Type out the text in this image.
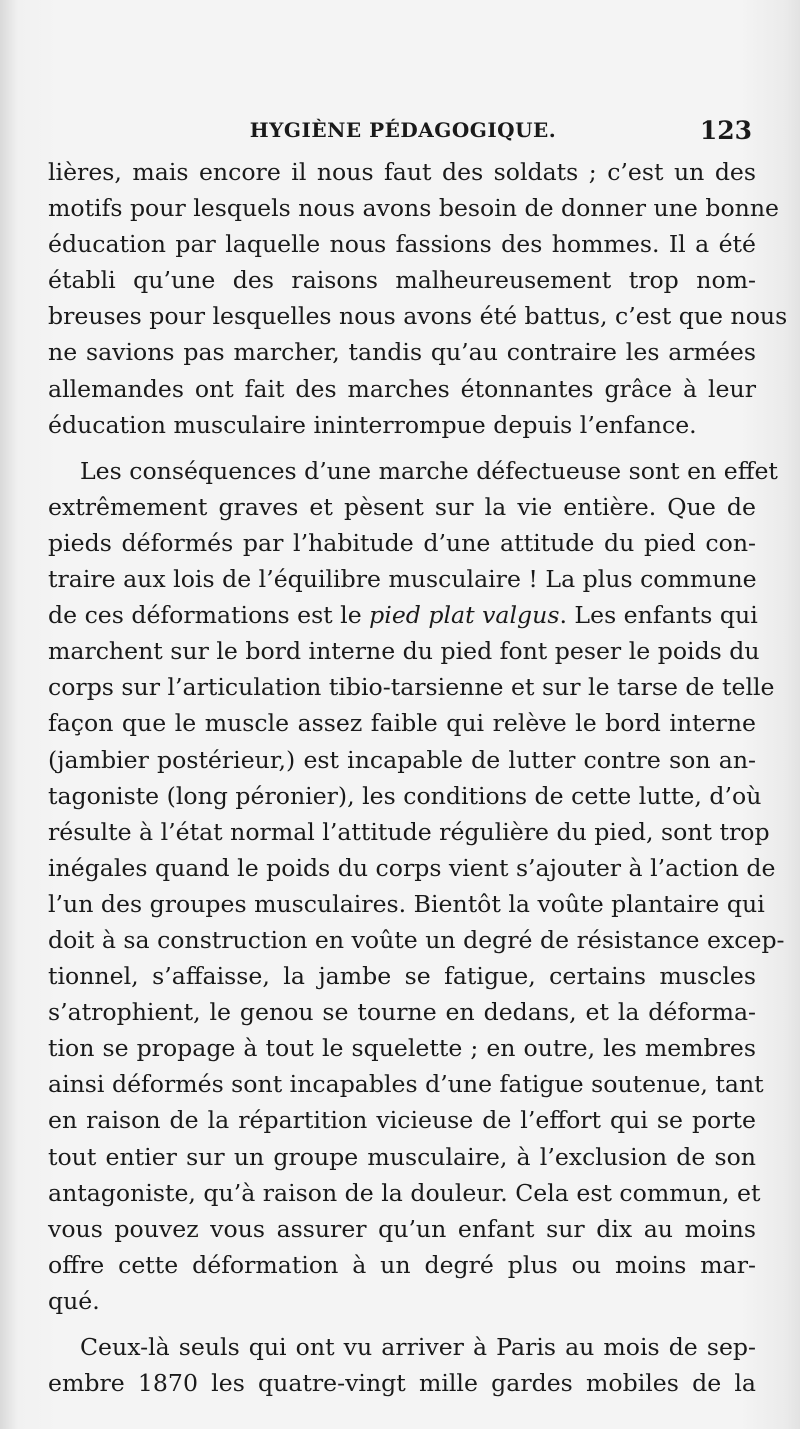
HYGIÈNE PÉDAGOGIQUE.	123
lières, mais encore il nous faut des soldats ; c’est un des
motifs pour lesquels nous avons besoin de donner une bonne
éducation par laquelle nous fassions des hommes. Il a été
établi qu’une des raisons malheureusement trop nom-
breuses pour lesquelles nous avons été battus, c’est que nous
ne savions pas marcher, tandis qu’au contraire les armées
allemandes ont fait des marches étonnantes grâce à leur
éducation musculaire ininterrompue depuis l’enfance.
Les conséquences d’une marche défectueuse sont en effet
extrêmement graves et pèsent sur la vie entière. Que de
pieds déformés par l’habitude d’une attitude du pied con-
traire aux lois de l’équilibre musculaire ! La plus commune
de ces déformations est le pied plat valgus. Les enfants qui
marchent sur le bord interne du pied font peser le poids du
corps sur l’articulation tibio-tarsienne et sur le tarse de telle
façon que le muscle assez faible qui relève le bord interne
(jambier postérieur,) est incapable de lutter contre son an-
tagoniste (long péronier), les conditions de cette lutte, d’où
résulte à l’état normal l’attitude régulière du pied, sont trop
inégales quand le poids du corps vient s’ajouter à l’action de
l’un des groupes musculaires. Bientôt la voûte plantaire qui
doit à sa construction en voûte un degré de résistance excep-
tionnel, s’affaisse, la jambe se fatigue, certains muscles
s’atrophient, le genou se tourne en dedans, et la déforma-
tion se propage à tout le squelette ; en outre, les membres
ainsi déformés sont incapables d’une fatigue soutenue, tant
en raison de la répartition vicieuse de l’effort qui se porte
tout entier sur un groupe musculaire, à l’exclusion de son
antagoniste, qu’à raison de la douleur. Cela est commun, et
vous pouvez vous assurer qu’un enfant sur dix au moins
offre cette déformation à un degré plus ou moins mar-
qué.
Ceux-là seuls qui ont vu arriver à Paris au mois de sep-
embre 1870 les quatre-vingt mille gardes mobiles de la
